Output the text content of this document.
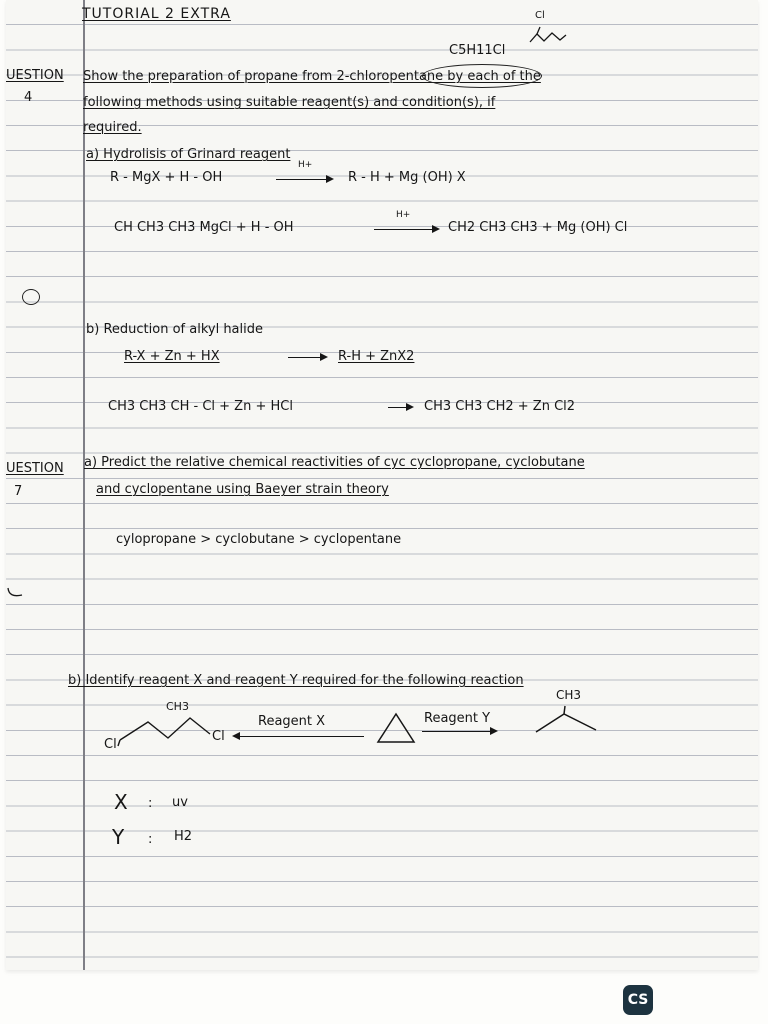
TUTORIAL 2 EXTRA	Cl
C5H11Cl
UESTION
4
Show the preparation of propane from 2-chloropentane by each of the
following methods using suitable reagent(s) and condition(s), if
required.
a) Hydrolisis of Grinard reagent
R - MgX + H - OH
H+
R - H + Mg (OH) X
CH CH3 CH3 MgCl + H - OH
H+
CH2 CH3 CH3 + Mg (OH) Cl
b) Reduction of alkyl halide
R-X + Zn + HX	R-H + ZnX2
CH3 CH3 CH - Cl + Zn + HCl	CH3 CH3 CH2 + Zn Cl2
UESTION
7
a) Predict the relative chemical reactivities of cyc cyclopropane, cyclobutane
and cyclopentane using Baeyer strain theory
cylopropane > cyclobutane > cyclopentane
b) Identify reagent X and reagent Y required for the following reaction
CH3
Cl
Cl
Reagent X	Reagent Y
CH3
X : uv
Y : H2
CS
